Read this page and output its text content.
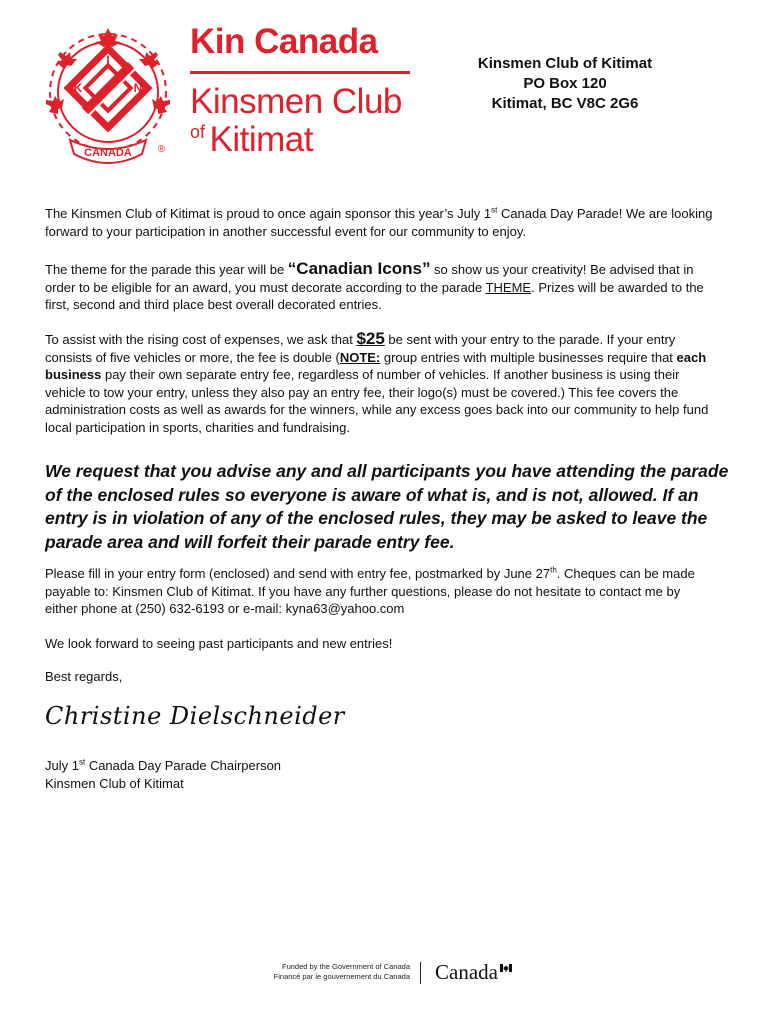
K
I
N
CANADA	®
Kin Canada
Kinsmen Club
of Kitimat
Kinsmen Club of Kitimat
PO Box 120
Kitimat, BC V8C 2G6

The Kinsmen Club of Kitimat is proud to once again sponsor this year’s July 1st Canada Day Parade! We are looking forward to your participation in another successful event for our community to enjoy.

The theme for the parade this year will be “Canadian Icons” so show us your creativity! Be advised that in order to be eligible for an award, you must decorate according to the parade THEME. Prizes will be awarded to the first, second and third place best overall decorated entries.

To assist with the rising cost of expenses, we ask that $25 be sent with your entry to the parade. If your entry consists of five vehicles or more, the fee is double (NOTE: group entries with multiple businesses require that each business pay their own separate entry fee, regardless of number of vehicles. If another business is using their vehicle to tow your entry, unless they also pay an entry fee, their logo(s) must be covered.) This fee covers the administration costs as well as awards for the winners, while any excess goes back into our community to help fund local participation in sports, charities and fundraising.

We request that you advise any and all participants you have attending the parade of the enclosed rules so everyone is aware of what is, and is not, allowed. If an entry is in violation of any of the enclosed rules, they may be asked to leave the parade area and will forfeit their parade entry fee.

Please fill in your entry form (enclosed) and send with entry fee, postmarked by June 27th. Cheques can be made payable to: Kinsmen Club of Kitimat. If you have any further questions, please do not hesitate to contact me by either phone at (250) 632-6193 or e-mail: kyna63@yahoo.com

We look forward to seeing past participants and new entries!

Best regards,

Christine Dielschneider
July 1st Canada Day Parade Chairperson
Kinsmen Club of Kitimat
Funded by the Government of Canada
Financé par le gouvernement du Canada Canada
